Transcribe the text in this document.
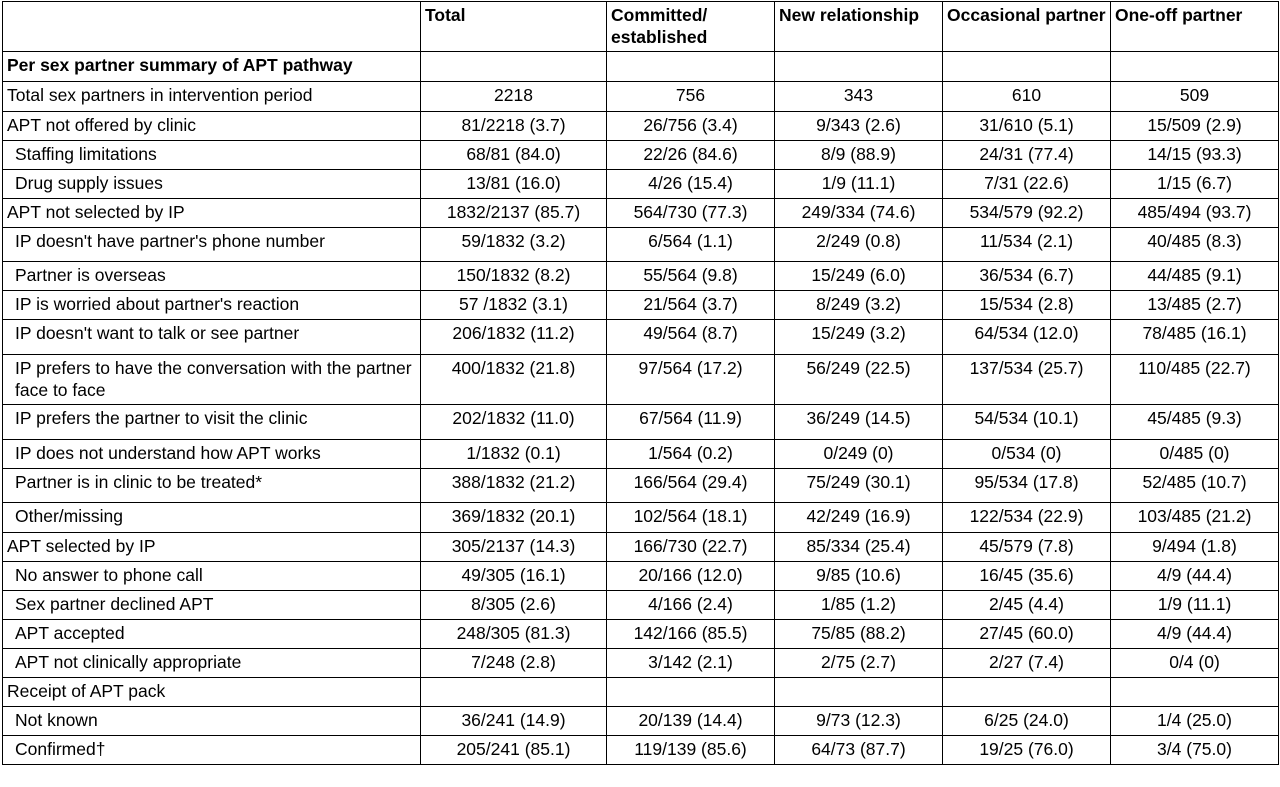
	Total	Committed/ established	New relationship	Occasional partner	One-off partner
Per sex partner summary of APT pathway					
Total sex partners in intervention period	2218	756	343	610	509
APT not offered by clinic	81/2218 (3.7)	26/756 (3.4)	9/343 (2.6)	31/610 (5.1)	15/509 (2.9)
Staffing limitations	68/81 (84.0)	22/26 (84.6)	8/9 (88.9)	24/31 (77.4)	14/15 (93.3)
Drug supply issues	13/81 (16.0)	4/26 (15.4)	1/9 (11.1)	7/31 (22.6)	1/15 (6.7)
APT not selected by IP	1832/2137 (85.7)	564/730 (77.3)	249/334 (74.6)	534/579 (92.2)	485/494 (93.7)
IP doesn't have partner's phone number	59/1832 (3.2)	6/564 (1.1)	2/249 (0.8)	11/534 (2.1)	40/485 (8.3)
Partner is overseas	150/1832 (8.2)	55/564 (9.8)	15/249 (6.0)	36/534 (6.7)	44/485 (9.1)
IP is worried about partner's reaction	57 /1832 (3.1)	21/564 (3.7)	8/249 (3.2)	15/534 (2.8)	13/485 (2.7)
IP doesn't want to talk or see partner	206/1832 (11.2)	49/564 (8.7)	15/249 (3.2)	64/534 (12.0)	78/485 (16.1)
IP prefers to have the conversation with the partner face to face	400/1832 (21.8)	97/564 (17.2)	56/249 (22.5)	137/534 (25.7)	110/485 (22.7)
IP prefers the partner to visit the clinic	202/1832 (11.0)	67/564 (11.9)	36/249 (14.5)	54/534 (10.1)	45/485 (9.3)
IP does not understand how APT works	1/1832 (0.1)	1/564 (0.2)	0/249 (0)	0/534 (0)	0/485 (0)
Partner is in clinic to be treated*	388/1832 (21.2)	166/564 (29.4)	75/249 (30.1)	95/534 (17.8)	52/485 (10.7)
Other/missing	369/1832 (20.1)	102/564 (18.1)	42/249 (16.9)	122/534 (22.9)	103/485 (21.2)
APT selected by IP	305/2137 (14.3)	166/730 (22.7)	85/334 (25.4)	45/579 (7.8)	9/494 (1.8)
No answer to phone call	49/305 (16.1)	20/166 (12.0)	9/85 (10.6)	16/45 (35.6)	4/9 (44.4)
Sex partner declined APT	8/305 (2.6)	4/166 (2.4)	1/85 (1.2)	2/45 (4.4)	1/9 (11.1)
APT accepted	248/305 (81.3)	142/166 (85.5)	75/85 (88.2)	27/45 (60.0)	4/9 (44.4)
APT not clinically appropriate	7/248 (2.8)	3/142 (2.1)	2/75 (2.7)	2/27 (7.4)	0/4 (0)
Receipt of APT pack					
Not known	36/241 (14.9)	20/139 (14.4)	9/73 (12.3)	6/25 (24.0)	1/4 (25.0)
Confirmed†	205/241 (85.1)	119/139 (85.6)	64/73 (87.7)	19/25 (76.0)	3/4 (75.0)
